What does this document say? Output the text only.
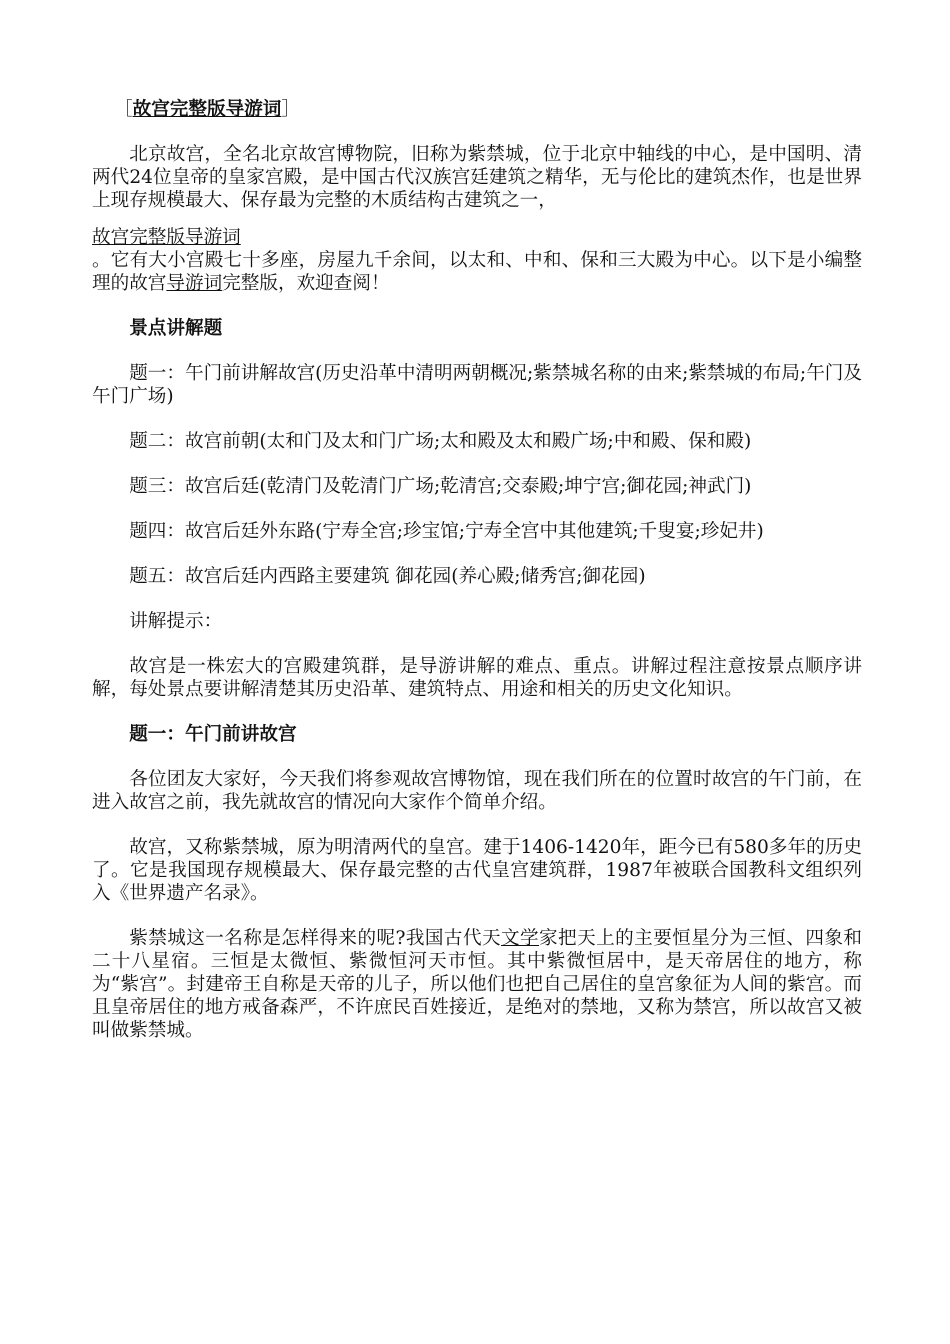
［故宫完整版导游词］

北京故宫，全名北京故宫博物院，旧称为紫禁城，位于北京中轴线的中心，是中国明、清两代24位皇帝的皇家宫殿，是中国古代汉族宫廷建筑之精华，无与伦比的建筑杰作，也是世界上现存规模最大、保存最为完整的木质结构古建筑之一，

故宫完整版导游词

。它有大小宫殿七十多座，房屋九千余间，以太和、中和、保和三大殿为中心。以下是小编整理的故宫导游词完整版，欢迎查阅！

景点讲解题

题一：午门前讲解故宫(历史沿革中清明两朝概况;紫禁城名称的由来;紫禁城的布局;午门及午门广场)

题二：故宫前朝(太和门及太和门广场;太和殿及太和殿广场;中和殿、保和殿)

题三：故宫后廷(乾清门及乾清门广场;乾清宫;交泰殿;坤宁宫;御花园;神武门)

题四：故宫后廷外东路(宁寿全宫;珍宝馆;宁寿全宫中其他建筑;千叟宴;珍妃井)

题五：故宫后廷内西路主要建筑 御花园(养心殿;储秀宫;御花园)

讲解提示：

故宫是一株宏大的宫殿建筑群，是导游讲解的难点、重点。讲解过程注意按景点顺序讲解，每处景点要讲解清楚其历史沿革、建筑特点、用途和相关的历史文化知识。

题一：午门前讲故宫

各位团友大家好，今天我们将参观故宫博物馆，现在我们所在的位置时故宫的午门前，在进入故宫之前，我先就故宫的情况向大家作个简单介绍。

故宫，又称紫禁城，原为明清两代的皇宫。建于1406-1420年，距今已有580多年的历史了。它是我国现存规模最大、保存最完整的古代皇宫建筑群，1987年被联合国教科文组织列入《世界遗产名录》。

紫禁城这一名称是怎样得来的呢?我国古代天文学家把天上的主要恒星分为三恒、四象和二十八星宿。三恒是太微恒、紫微恒河天市恒。其中紫微恒居中，是天帝居住的地方，称为“紫宫”。封建帝王自称是天帝的儿子，所以他们也把自己居住的皇宫象征为人间的紫宫。而且皇帝居住的地方戒备森严，不许庶民百姓接近，是绝对的禁地，又称为禁宫，所以故宫又被叫做紫禁城。
